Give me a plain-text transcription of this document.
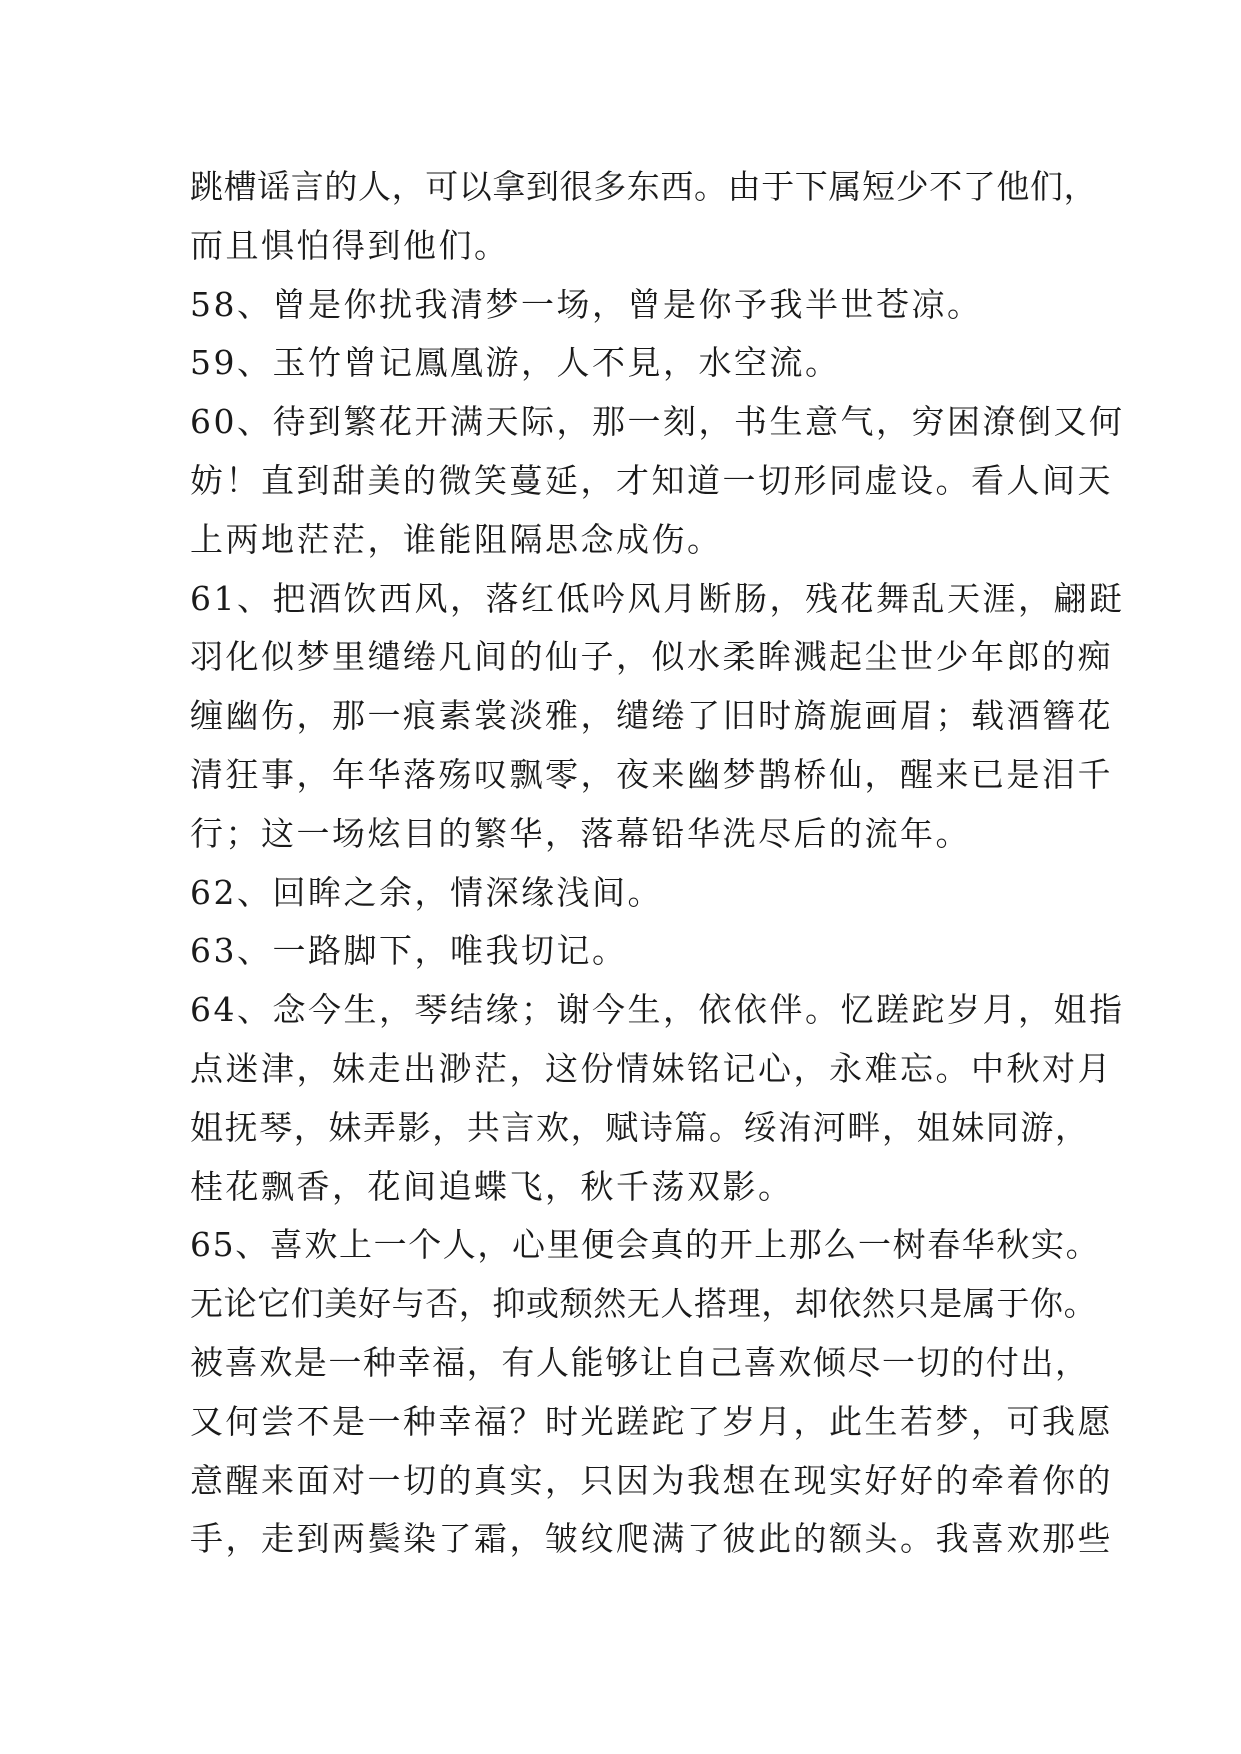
跳槽谣言的人，可以拿到很多东西。由于下属短少不了他们，
而且惧怕得到他们。
58、曾是你扰我清梦一场，曾是你予我半世苍凉。
59、玉竹曾记鳳凰游，人不見，水空流。
60、待到繁花开满天际，那一刻，书生意气，穷困潦倒又何
妨！直到甜美的微笑蔓延，才知道一切形同虚设。看人间天
上两地茫茫，谁能阻隔思念成伤。
61、把酒饮西风，落红低吟风月断肠，残花舞乱天涯，翩跹
羽化似梦里缱绻凡间的仙子，似水柔眸溅起尘世少年郎的痴
缠幽伤，那一痕素裳淡雅，缱绻了旧时旖旎画眉；载酒簪花
清狂事，年华落殇叹飘零，夜来幽梦鹊桥仙，醒来已是泪千
行；这一场炫目的繁华，落幕铅华洗尽后的流年。
62、回眸之余，情深缘浅间。
63、一路脚下，唯我切记。
64、念今生，琴结缘；谢今生，依依伴。忆蹉跎岁月，姐指
点迷津，妹走出渺茫，这份情妹铭记心，永难忘。中秋对月
姐抚琴，妹弄影，共言欢，赋诗篇。绥洧河畔，姐妹同游，
桂花飘香，花间追蝶飞，秋千荡双影。
65、喜欢上一个人，心里便会真的开上那么一树春华秋实。
无论它们美好与否，抑或颓然无人搭理，却依然只是属于你。
被喜欢是一种幸福，有人能够让自己喜欢倾尽一切的付出，
又何尝不是一种幸福？时光蹉跎了岁月，此生若梦，可我愿
意醒来面对一切的真实，只因为我想在现实好好的牵着你的
手，走到两鬓染了霜，皱纹爬满了彼此的额头。我喜欢那些
